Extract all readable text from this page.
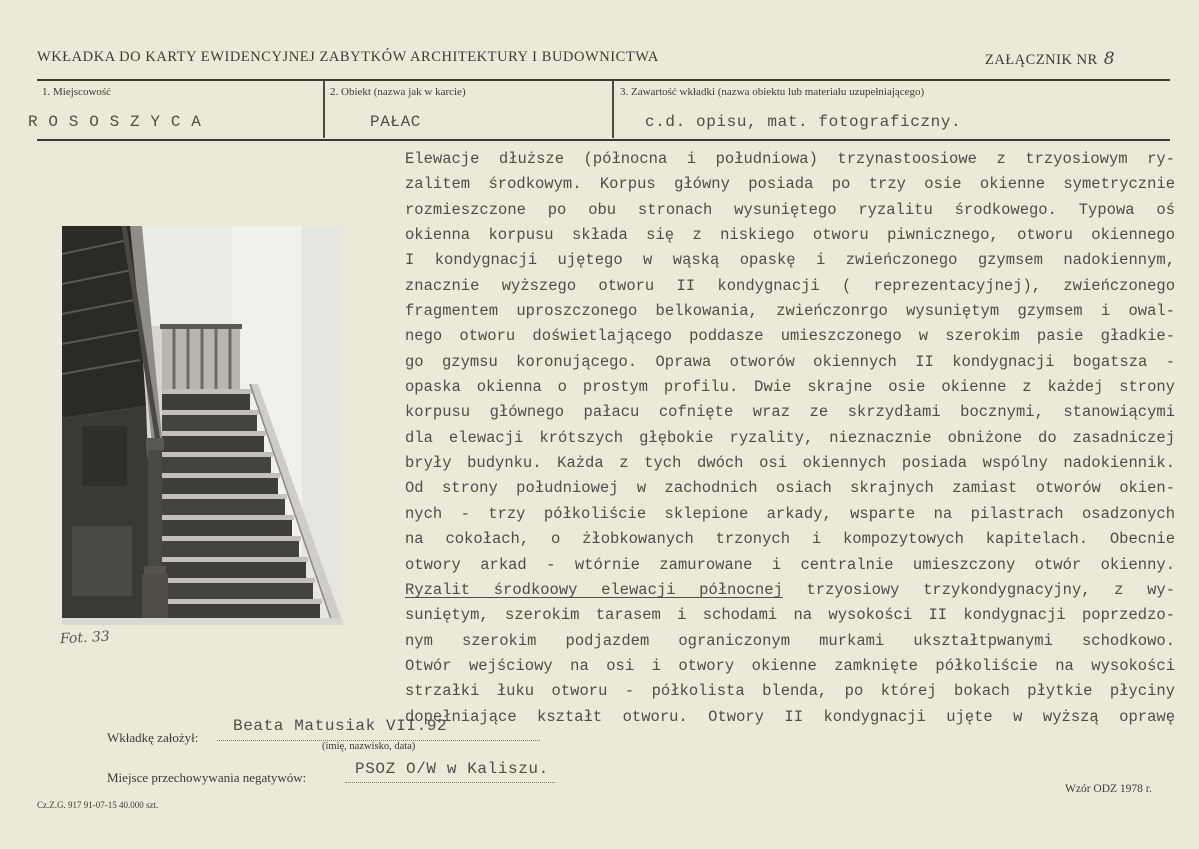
WKŁADKA DO KARTY EWIDENCYJNEJ ZABYTKÓW ARCHITEKTURY I BUDOWNICTWA	ZAŁĄCZNIK NR 8
1. Miejscowość	2. Obiekt (nazwa jak w karcie)	3. Zawartość wkładki (nazwa obiektu lub materiału uzupełniającego)
R O S O S Z Y C A	PAŁAC	c.d. opisu, mat. fotograficzny.
Fot. 33
Elewacje dłuższe (północna i południowa) trzynastoosiowe z trzyosiowym ry-
zalitem środkowym. Korpus główny posiada po trzy osie okienne symetrycznie
rozmieszczone po obu stronach wysuniętego ryzalitu środkowego. Typowa oś
okienna korpusu składa się z niskiego otworu piwnicznego, otworu okiennego
I kondygnacji ujętego w wąską opaskę i zwieńczonego gzymsem nadokiennym,
znacznie wyższego otworu II kondygnacji ( reprezentacyjnej), zwieńczonego
fragmentem uproszczonego belkowania, zwieńczonrgo wysuniętym gzymsem i owal-
nego otworu doświetlającego poddasze umieszczonego w szerokim pasie gładkie-
go gzymsu koronującego. Oprawa otworów okiennych II kondygnacji bogatsza -
opaska okienna o prostym profilu. Dwie skrajne osie okienne z każdej strony
korpusu głównego pałacu cofnięte wraz ze skrzydłami bocznymi, stanowiącymi
dla elewacji krótszych głębokie ryzality, nieznacznie obniżone do zasadniczej
bryły budynku. Każda z tych dwóch osi okiennych posiada wspólny nadokiennik.
Od strony południowej w zachodnich osiach skrajnych zamiast otworów okien-
nych - trzy półkoliście sklepione arkady, wsparte na pilastrach osadzonych
na cokołach, o żłobkowanych trzonych i kompozytowych kapitelach. Obecnie
otwory arkad - wtórnie zamurowane i centralnie umieszczony otwór okienny.
Ryzalit środkoowy elewacji północnej trzyosiowy trzykondygnacyjny, z wy-
suniętym, szerokim tarasem i schodami na wysokości II kondygnacji poprzedzo-
nym szerokim podjazdem ograniczonym murkami ukształtpwanymi schodkowo.
Otwór wejściowy na osi i otwory okienne zamknięte półkoliście na wysokości
strzałki łuku otworu - półkolista blenda, po której bokach płytkie płyciny
dopełniające kształt otworu. Otwory II kondygnacji ujęte w wyższą oprawę
Wkładkę założył:
Beata Matusiak VII.92
(imię, nazwisko, data)
Miejsce przechowywania negatywów:	PSOZ O/W w Kaliszu.
Cz.Z.G. 917 91-07-15 40.000 szt.
Wzór ODZ 1978 r.
